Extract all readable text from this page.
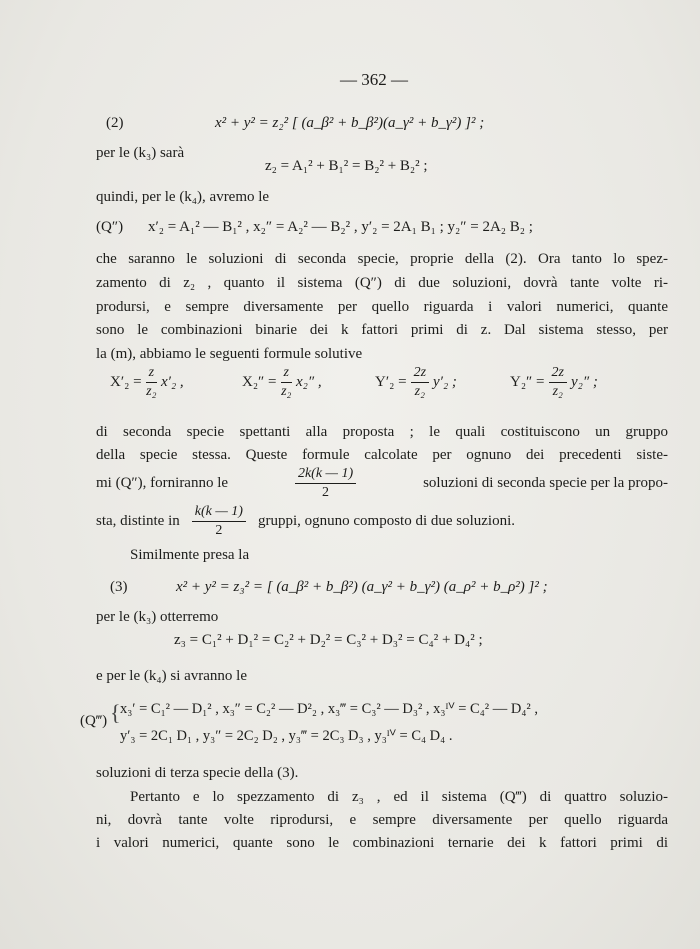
— 362 —
(2)	x² + y² = z₂² [ (a_β² + b_β²)(a_γ² + b_γ²) ]² ;
per le (k₃) sarà
z₂ = A₁² + B₁² = B₂² + B₂² ;
quindi, per le (k₄), avremo le
(Q″) x′₂ = A₁² — B₁² , x₂″ = A₂² — B₂² , y′₂ = 2A₁ B₁ ; y₂″ = 2A₂ B₂ ;
che saranno le soluzioni di seconda specie, proprie della (2). Ora tanto lo spez-
zamento di z₂ , quanto il sistema (Q″) di due soluzioni, dovrà tante volte ri-
prodursi, e sempre diversamente per quello riguarda i valori numerici, quante
sono le combinazioni binarie dei k fattori primi di z. Dal sistema stesso, per
la (m), abbiamo le seguenti formule solutive
$X'_2 = \frac{z}{\text{z₂}} x'_2$ ,	$X_2'' = \frac{z}{\text{z₂}} x_2''$ ,	$Y'_2 = \frac{2z}{\text{z₂}} y'_2$ ;	$Y_2'' = \frac{2z}{\text{z₂}} y_2''$ ;
di seconda specie spettanti alla proposta ; le quali costituiscono un gruppo
della specie stessa. Queste formule calcolate per ognuno dei precedenti siste-
mi (Q″), forniranno le	$\frac{2k(k — 1)}{2}$	soluzioni di seconda specie per la propo-
sta, distinte in $\frac{k(k — 1)}{2}$ gruppi, ognuno composto di due soluzioni.
Similmente presa la
(3)	x² + y² = z₃² = [ (a_β² + b_β²) (a_γ² + b_γ²) (a_ρ² + b_ρ²) ]² ;
per le (k₃) otterremo
z₃ = C₁² + D₁² = C₂² + D₂² = C₃² + D₃² = C₄² + D₄² ;
e per le (k₄) si avranno le
(Q‴) { x₃′ = C₁² — D₁² , x₃″ = C₂² — D²₂ , x₃‴ = C₃² — D₃² , x₃ᴵⱽ = C₄² — D₄² ,
y′₃ = 2C₁ D₁ , y₃″ = 2C₂ D₂ , y₃‴ = 2C₃ D₃ , y₃ᴵⱽ = C₄ D₄ .
soluzioni di terza specie della (3).
Pertanto e lo spezzamento di z₃ , ed il sistema (Q‴) di quattro soluzio-
ni, dovrà tante volte riprodursi, e sempre diversamente per quello riguarda
i valori numerici, quante sono le combinazioni ternarie dei k fattori primi di
